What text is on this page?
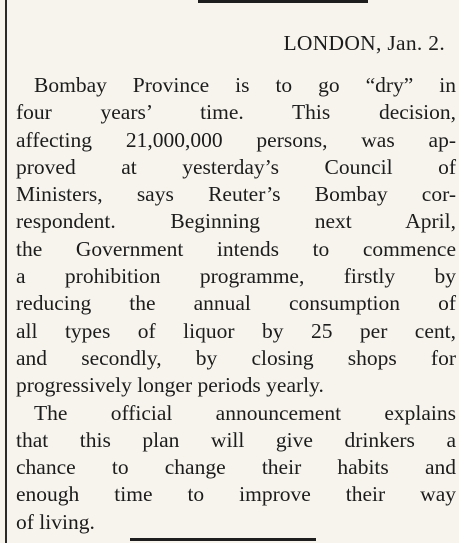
LONDON, Jan. 2.
Bombay Province is to go “dry” in
four years’ time. This decision,
affecting 21,000,000 persons, was ap-
proved at yesterday’s Council of
Ministers, says Reuter’s Bombay cor-
respondent. Beginning next April,
the Government intends to commence
a prohibition programme, firstly by
reducing the annual consumption of
all types of liquor by 25 per cent,
and secondly, by closing shops for
progressively longer periods yearly.
The official announcement explains
that this plan will give drinkers a
chance to change their habits and
enough time to improve their way
of living.
